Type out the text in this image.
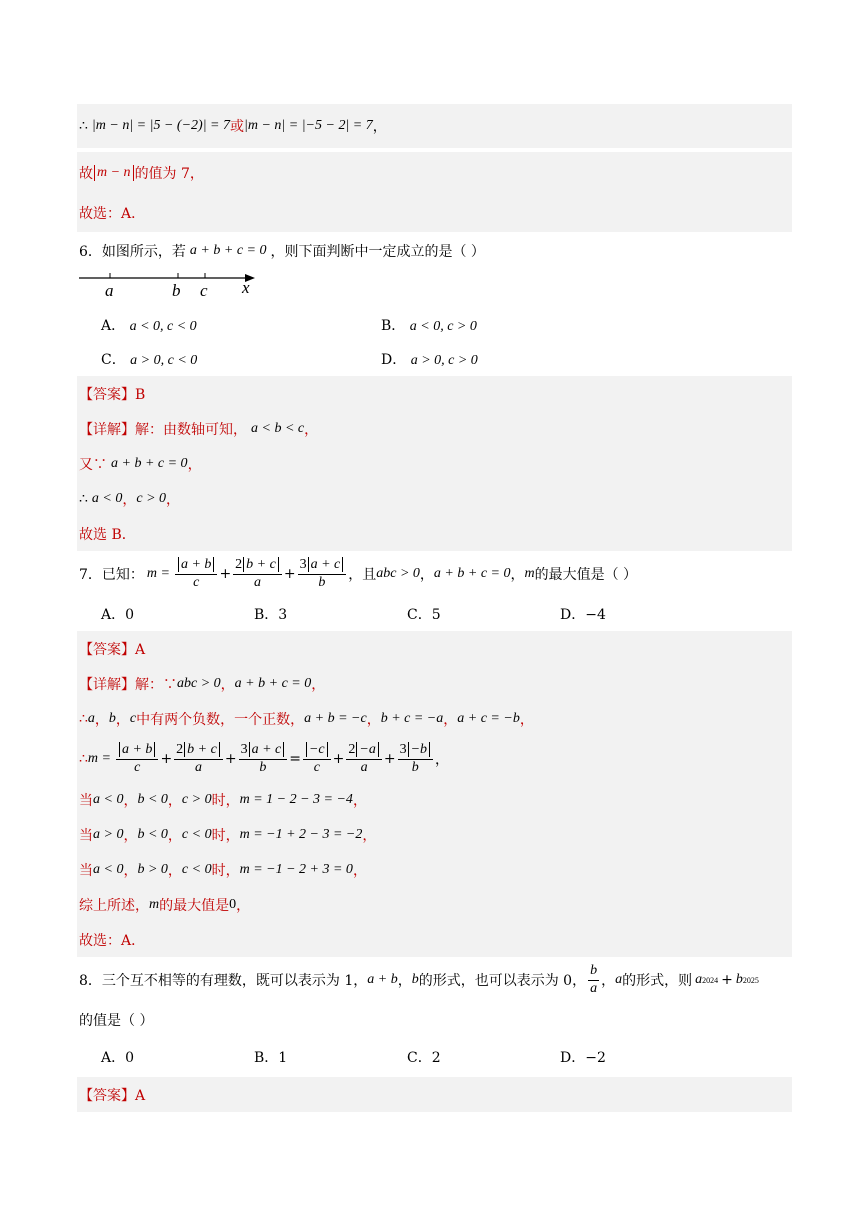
∴ |m − n| = |5 − (−2)| = 7 或 |m − n| = |−5 − 2| = 7 ，
故 m − n 的值为 7，
故选：A．
6．如图所示，若 a + b + c = 0 ，则下面判断中一定成立的是（ ）
a	b c x
A． a < 0, c < 0	B． a < 0, c > 0
C． a > 0, c < 0	D． a > 0, c > 0
【答案】B
【详解】解：由数轴可知， a < b < c ，
又∵ a + b + c = 0 ，
∴ a < 0 ， c > 0 ，
故选 B．
7．已知： $m = \frac{a + b}{c} + \frac{2 b + c}{a} + \frac{3 a + c}{b}$ ，且 abc > 0 ， a + b + c = 0 ， m 的最大值是（ ）
A．0	B．3	C．5	D．−4
【答案】A
【详解】解：∵ abc > 0 ， a + b + c = 0 ，
∴ a ， b ， c 中有两个负数，一个正数， a + b = −c ， b + c = −a ， a + c = −b ，
∴ $m = \frac{a + b}{c} + \frac{2 b + c}{a} + \frac{3 a + c}{b} = \frac{-c}{c} + \frac{2 -a}{a} + \frac{3 -b}{b}$ ，
当 a < 0 ， b < 0 ， c > 0 时， m = 1 − 2 − 3 = −4 ，
当 a > 0 ， b < 0 ， c < 0 时， m = −1 + 2 − 3 = −2 ，
当 a < 0 ， b > 0 ， c < 0 时， m = −1 − 2 + 3 = 0 ，
综上所述， m 的最大值是 0 ，
故选：A．
8．三个互不相等的有理数，既可以表示为 1， a + b ， b 的形式，也可以表示为 0， $\frac{b}{a}$ ， a 的形式，则 a 2024 + b 2025
的值是（ ）
A．0	B．1	C．2	D．−2
【答案】A
